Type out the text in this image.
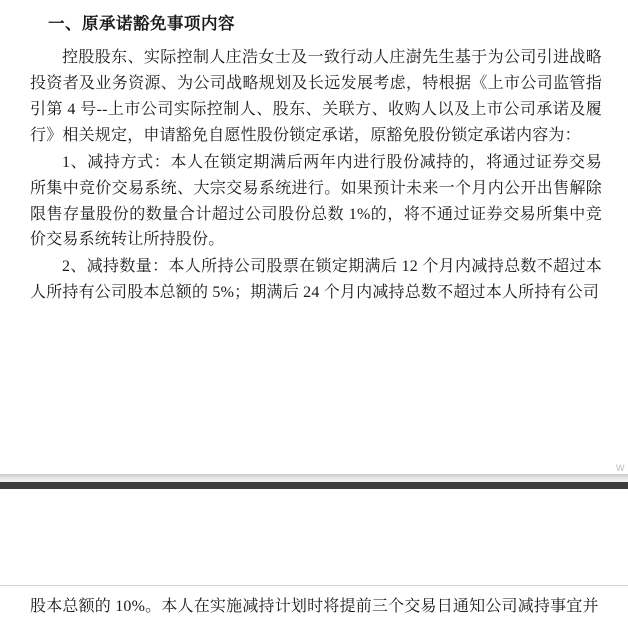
一、原承诺豁免事项内容

控股股东、实际控制人庄浩女士及一致行动人庄澍先生基于为公司引进战略投资者及业务资源、为公司战略规划及长远发展考虑，特根据《上市公司监管指引第 4 号--上市公司实际控制人、股东、关联方、收购人以及上市公司承诺及履行》相关规定，申请豁免自愿性股份锁定承诺，原豁免股份锁定承诺内容为：

1、减持方式：本人在锁定期满后两年内进行股份减持的，将通过证券交易所集中竞价交易系统、大宗交易系统进行。如果预计未来一个月内公开出售解除限售存量股份的数量合计超过公司股份总数 1%的，将不通过证券交易所集中竞价交易系统转让所持股份。

2、减持数量：本人所持公司股票在锁定期满后 12 个月内减持总数不超过本人所持有公司股本总额的 5%；期满后 24 个月内减持总数不超过本人所持有公司

W

股本总额的 10%。本人在实施减持计划时将提前三个交易日通知公司减持事宜并
